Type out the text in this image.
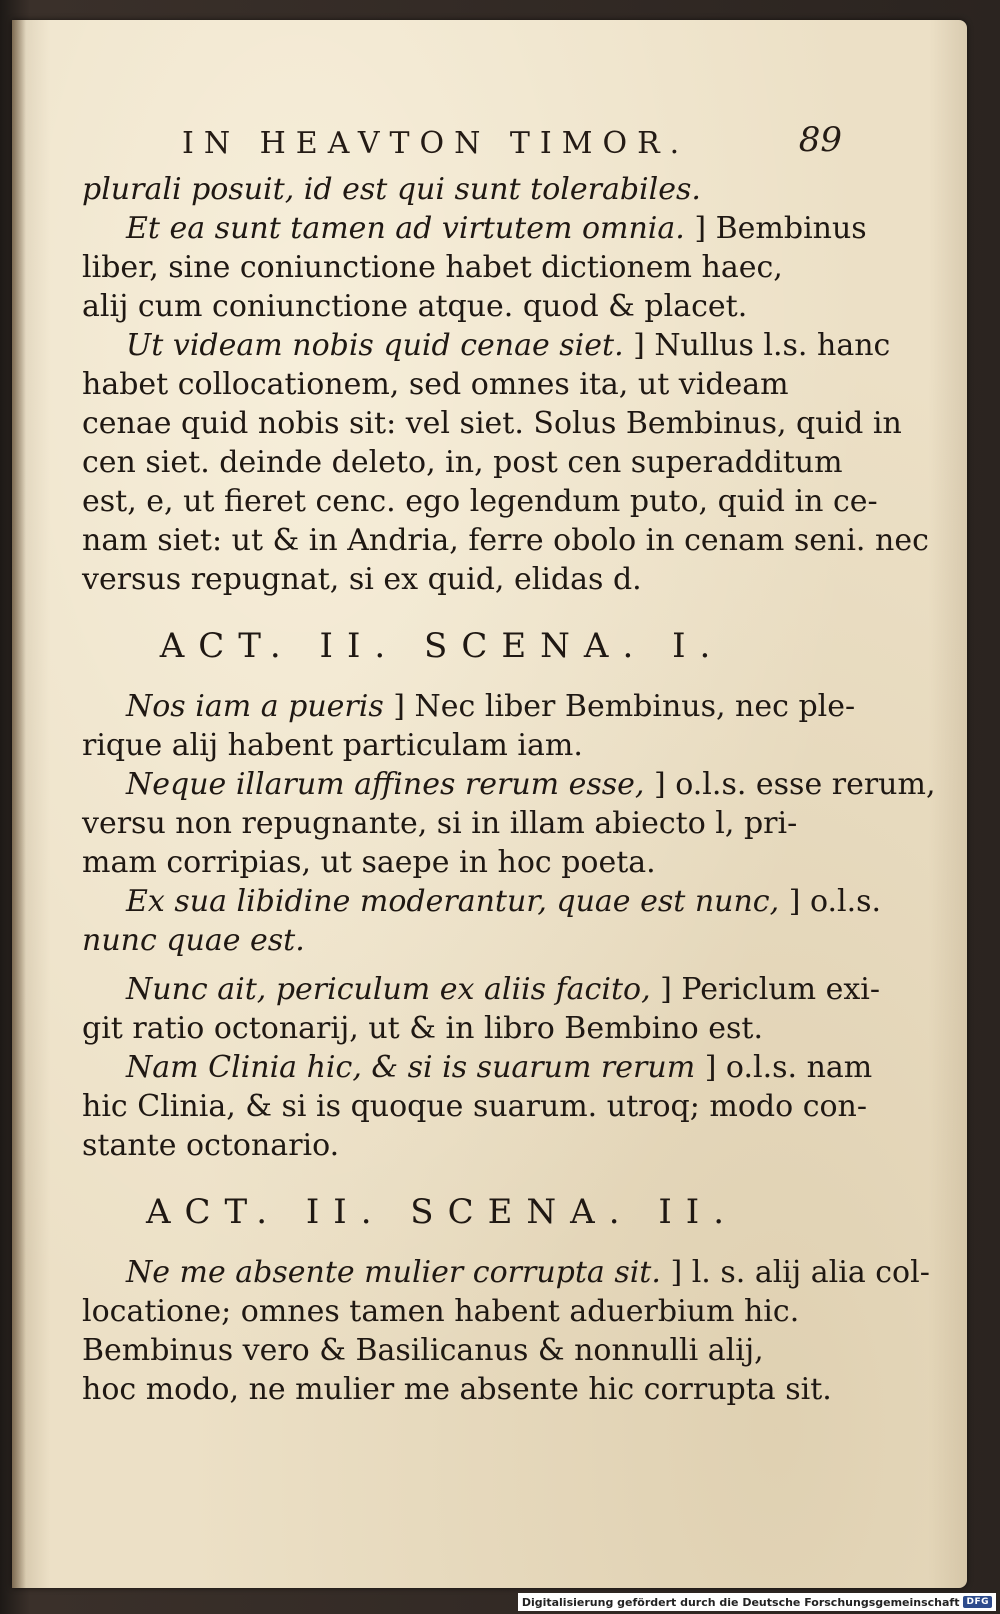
IN HEAVTON TIMOR.	89
plurali posuit, id est qui sunt tolerabiles.
Et ea sunt tamen ad virtutem omnia. ] Bembinus
liber, sine coniunctione habet dictionem haec,
alij cum coniunctione atque. quod & placet.
Ut videam nobis quid cenae siet. ] Nullus l.s. hanc
habet collocationem, sed omnes ita, ut videam
cenae quid nobis sit: vel siet. Solus Bembinus, quid in
cen siet. deinde deleto, in, post cen superadditum
est, e, ut fieret cenc. ego legendum puto, quid in ce-
nam siet: ut & in Andria, ferre obolo in cenam seni. nec
versus repugnat, si ex quid, elidas d.
ACT. II. SCENA. I.
Nos iam a pueris ] Nec liber Bembinus, nec ple-
rique alij habent particulam iam.
Neque illarum affines rerum esse, ] o.l.s. esse rerum,
versu non repugnante, si in illam abiecto l, pri-
mam corripias, ut saepe in hoc poeta.
Ex sua libidine moderantur, quae est nunc, ] o.l.s.
nunc quae est.
Nunc ait, periculum ex aliis facito, ] Periclum exi-
git ratio octonarij, ut & in libro Bembino est.
Nam Clinia hic, & si is suarum rerum ] o.l.s. nam
hic Clinia, & si is quoque suarum. utroq; modo con-
stante octonario.
ACT. II. SCENA. II.
Ne me absente mulier corrupta sit. ] l. s. alij alia col-
locatione; omnes tamen habent aduerbium hic.
Bembinus vero & Basilicanus & nonnulli alij,
hoc modo, ne mulier me absente hic corrupta sit.
Digitalisierung gefördert durch die Deutsche Forschungsgemeinschaft DFG
